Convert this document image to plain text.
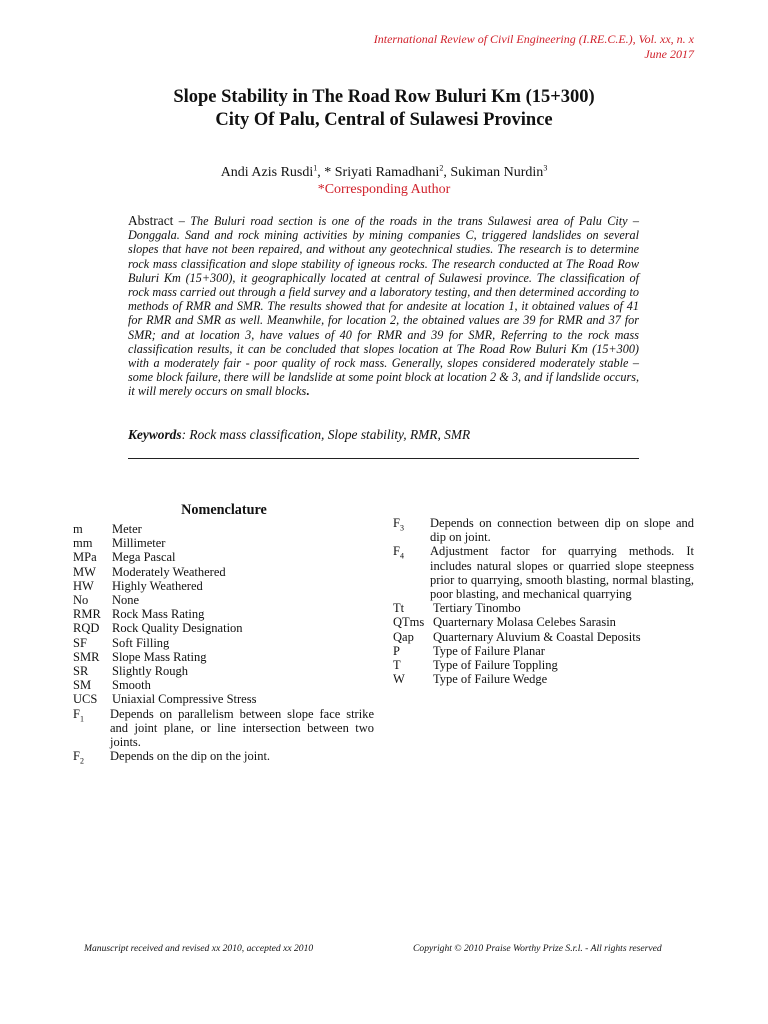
International Review of Civil Engineering (I.RE.C.E.), Vol. xx, n. x
June 2017
Slope Stability in The Road Row Buluri Km (15+300)
City Of Palu, Central of Sulawesi Province
Andi Azis Rusdi$^1$, * Sriyati Ramadhani$^2$, Sukiman Nurdin$^3$
*Corresponding Author
Abstract – The Buluri road section is one of the roads in the trans Sulawesi area of Palu City – Donggala. Sand and rock mining activities by mining companies C, triggered landslides on several slopes that have not been repaired, and without any geotechnical studies. The research is to determine rock mass classification and slope stability of igneous rocks. The research conducted at The Road Row Buluri Km (15+300), it geographically located at central of Sulawesi province. The classification of rock mass carried out through a field survey and a laboratory testing, and then determined according to methods of RMR and SMR. The results showed that for andesite at location 1, it obtained values of 41 for RMR and SMR as well. Meanwhile, for location 2, the obtained values are 39 for RMR and 37 for SMR; and at location 3, have values of 40 for RMR and 39 for SMR, Referring to the rock mass classification results, it can be concluded that slopes location at The Road Row Buluri Km (15+300) with a moderately fair - poor quality of rock mass. Generally, slopes considered moderately stable – some block failure, there will be landslide at some point block at location 2 & 3, and if landslide occurs, it will merely occurs on small blocks.
Keywords: Rock mass classification, Slope stability, RMR, SMR
Nomenclature
m	Meter
mm	Millimeter
MPa	Mega Pascal
MW	Moderately Weathered
HW	Highly Weathered
No	None
RMR Rock Mass Rating
RQD	Rock Quality Designation
SF	Soft Filling
SMR	Slope Mass Rating
SR	Slightly Rough
SM	Smooth
UCS	Uniaxial Compressive Stress
$F_1$	Depends on parallelism between slope face strike and joint plane, or line intersection between two joints.
$F_2$	Depends on the dip on the joint.
$F_3$	Depends on connection between dip on slope and dip on joint.
$F_4$	Adjustment factor for quarrying methods. It includes natural slopes or quarried slope steepness prior to quarrying, smooth blasting, normal blasting, poor blasting, and mechanical quarrying
Tt	Tertiary Tinombo
QTms Quarternary Molasa Celebes Sarasin
Qap	Quarternary Aluvium & Coastal Deposits
P	Type of Failure Planar
T	Type of Failure Toppling
W	Type of Failure Wedge
Manuscript received and revised xx 2010, accepted xx 2010	Copyright © 2010 Praise Worthy Prize S.r.l. - All rights reserved
